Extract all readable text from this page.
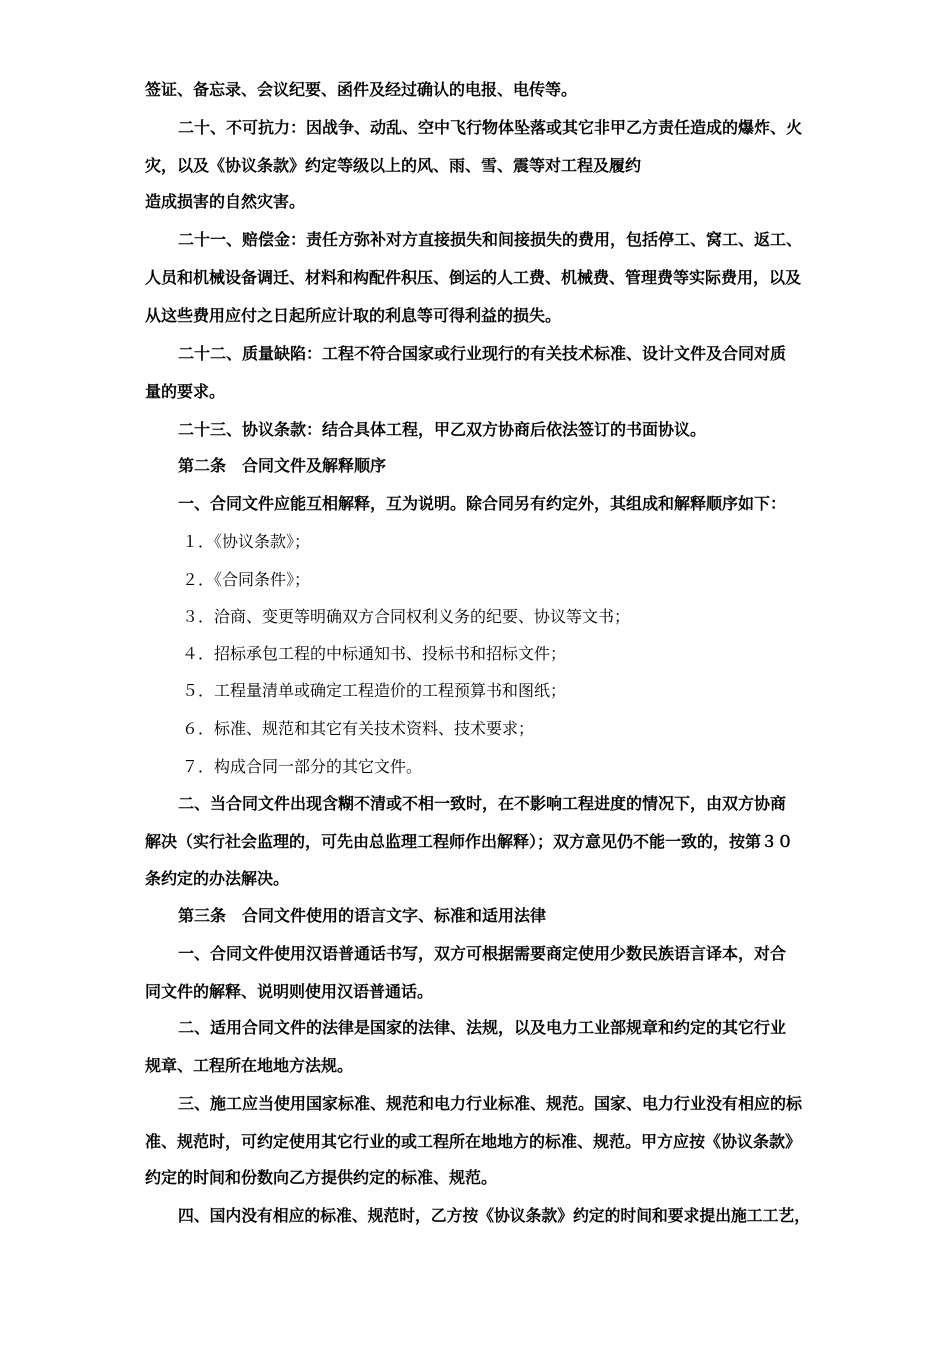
签证、备忘录、会议纪要、函件及经过确认的电报、电传等。
二十、不可抗力：因战争、动乱、空中飞行物体坠落或其它非甲乙方责任造成的爆炸、火
灾，以及《协议条款》约定等级以上的风、雨、雪、震等对工程及履约
造成损害的自然灾害。
二十一、赔偿金：责任方弥补对方直接损失和间接损失的费用，包括停工、窝工、返工、
人员和机械设备调迁、材料和构配件积压、倒运的人工费、机械费、管理费等实际费用，以及
从这些费用应付之日起所应计取的利息等可得利益的损失。
二十二、质量缺陷：工程不符合国家或行业现行的有关技术标准、设计文件及合同对质
量的要求。
二十三、协议条款：结合具体工程，甲乙双方协商后依法签订的书面协议。
第二条　合同文件及解释顺序
一、合同文件应能互相解释，互为说明。除合同另有约定外，其组成和解释顺序如下：
１．《协议条款》；
２．《合同条件》；
３．洽商、变更等明确双方合同权利义务的纪要、协议等文书；
４．招标承包工程的中标通知书、投标书和招标文件；
５．工程量清单或确定工程造价的工程预算书和图纸；
６．标准、规范和其它有关技术资料、技术要求；
７．构成合同一部分的其它文件。
二、当合同文件出现含糊不清或不相一致时，在不影响工程进度的情况下，由双方协商
解决（实行社会监理的，可先由总监理工程师作出解释）；双方意见仍不能一致的，按第３０
条约定的办法解决。
第三条　合同文件使用的语言文字、标准和适用法律
一、合同文件使用汉语普通话书写，双方可根据需要商定使用少数民族语言译本，对合
同文件的解释、说明则使用汉语普通话。
二、适用合同文件的法律是国家的法律、法规，以及电力工业部规章和约定的其它行业
规章、工程所在地地方法规。
三、施工应当使用国家标准、规范和电力行业标准、规范。国家、电力行业没有相应的标
准、规范时，可约定使用其它行业的或工程所在地地方的标准、规范。甲方应按《协议条款》
约定的时间和份数向乙方提供约定的标准、规范。
四、国内没有相应的标准、规范时，乙方按《协议条款》约定的时间和要求提出施工工艺，
